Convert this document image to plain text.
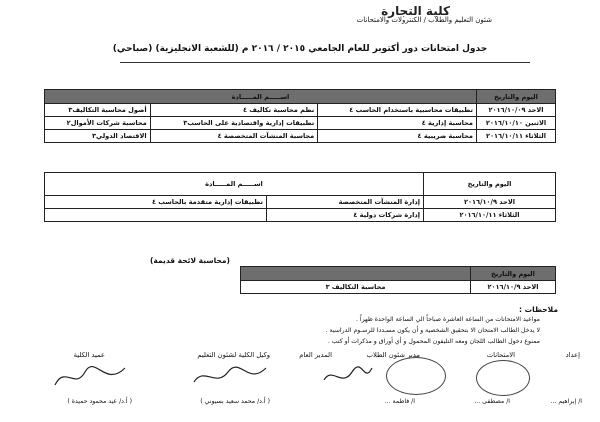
كلية التجارة
شئون التعليم والطلاب / الكنترولات والامتحانات
جدول امتحانات دور أكتوبر للعام الجامعي ٢٠١٥ / ٢٠١٦ م (للشعبة الانجليزية) (صباحي)
اليوم والتاريخ	اســـــم المـــــادة		
الاحد ٢٠١٦/١٠/٠٩	تطبيقات محاسبية باستخدام الحاسب ٤	نظم محاسبة تكاليف ٤	أصول محاسبة التكاليف٣
الاثنين ٢٠١٦/١٠/١٠	محاسبة إدارية ٤	تطبيقات إدارية واقتصادية على الحاسب٣	محاسبة شركات الأموال٢
الثلاثاء ٢٠١٦/١٠/١١	محاسبة ضريبية ٤	محاسبة المنشآت المتخصصة ٤	الاقتصاد الدولي٣
اليوم والتاريخ	اســـــم المـــــادة	
الاحد ٢٠١٦/١٠/٩	إدارة المنشآت المتخصصة	تطبيقات إدارية متقدمة بالحاسب ٤
الثلاثاء ٢٠١٦/١٠/١١	إدارة شركات دولية ٤	
(محاسبة لائحة قديمة)
اليوم والتاريخ	
الاحد ٢٠١٦/١٠/٩	محاسبة التكاليف ٣
ملاحظات :
مواعيد الامتحانات من الساعة العاشرة صباحاً الي الساعة الواحدة ظهراً .
لا يدخل الطالب الامتحان الا بتحقيق الشخصية و أن يكون مسـددا للرسـوم الدراسية .
ممنوع دخول الطالب اللجان ومعه التليفون المحمول و أي أوراق و مذكرات أو كتب .
إعداد
الامتحانات
مدير شئون الطلاب
المدير العام
وكيل الكلية لشئون التعليم
عميد الكلية
ا/ إبراهيم ...
ا/ مصطفى ...
ا/ فاطمة ...
( أ.د/ محمد سعيد بسيوني )
( أ.د/ عيد محمود حميدة )
